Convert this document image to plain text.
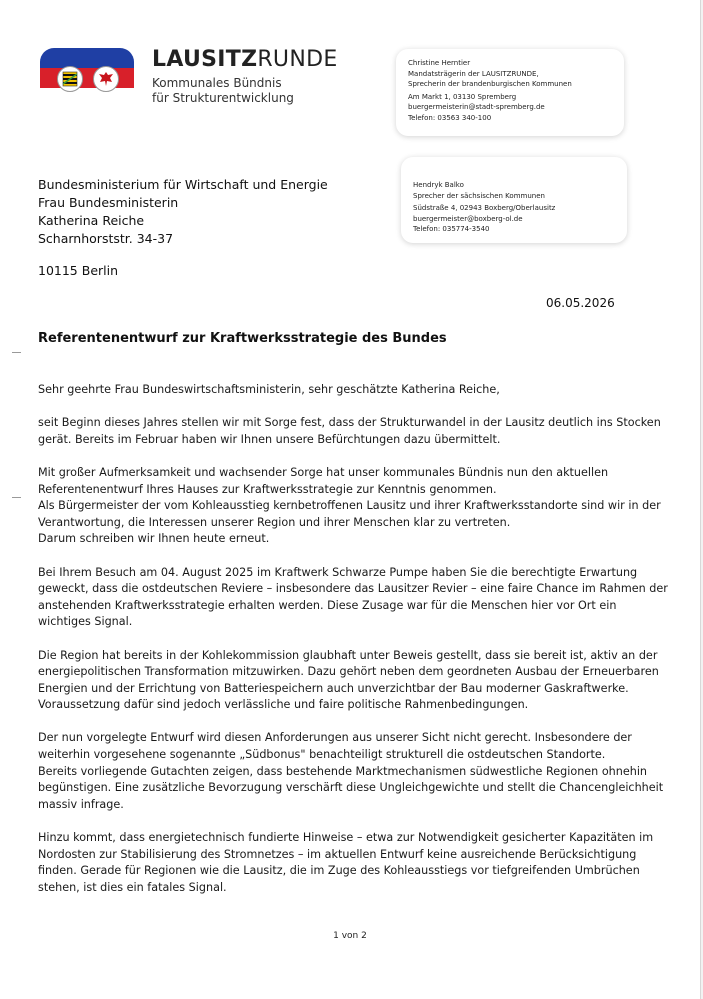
LAUSITZRUNDE
Kommunales Bündnis
für Strukturentwicklung

Christine Herntier

Mandatsträgerin der LAUSITZRUNDE,

Sprecherin der brandenburgischen Kommunen

Am Markt 1, 03130 Spremberg

buergermeisterin@stadt-spremberg.de

Telefon: 03563 340-100

Hendryk Balko

Sprecher der sächsischen Kommunen

Südstraße 4, 02943 Boxberg/Oberlausitz

buergermeister@boxberg-ol.de

Telefon: 035774-3540

Bundesministerium für Wirtschaft und Energie

Frau Bundesministerin

Katherina Reiche

Scharnhorststr. 34-37

10115 Berlin
06.05.2026
Referentenentwurf zur Kraftwerksstrategie des Bundes

Sehr geehrte Frau Bundeswirtschaftsministerin, sehr geschätzte Katherina Reiche,

seit Beginn dieses Jahres stellen wir mit Sorge fest, dass der Strukturwandel in der Lausitz deutlich ins Stocken gerät. Bereits im Februar haben wir Ihnen unsere Befürchtungen dazu übermittelt.

Mit großer Aufmerksamkeit und wachsender Sorge hat unser kommunales Bündnis nun den aktuellen Referentenentwurf Ihres Hauses zur Kraftwerksstrategie zur Kenntnis genommen.

Als Bürgermeister der vom Kohleausstieg kernbetroffenen Lausitz und ihrer Kraftwerksstandorte sind wir in der Verantwortung, die Interessen unserer Region und ihrer Menschen klar zu vertreten.

Darum schreiben wir Ihnen heute erneut.

Bei Ihrem Besuch am 04. August 2025 im Kraftwerk Schwarze Pumpe haben Sie die berechtigte Erwartung geweckt, dass die ostdeutschen Reviere – insbesondere das Lausitzer Revier – eine faire Chance im Rahmen der anstehenden Kraftwerksstrategie erhalten werden. Diese Zusage war für die Menschen hier vor Ort ein wichtiges Signal.

Die Region hat bereits in der Kohlekommission glaubhaft unter Beweis gestellt, dass sie bereit ist, aktiv an der energiepolitischen Transformation mitzuwirken. Dazu gehört neben dem geordneten Ausbau der Erneuerbaren Energien und der Errichtung von Batteriespeichern auch unverzichtbar der Bau moderner Gaskraftwerke. Voraussetzung dafür sind jedoch verlässliche und faire politische Rahmenbedingungen.

Der nun vorgelegte Entwurf wird diesen Anforderungen aus unserer Sicht nicht gerecht. Insbesondere der weiterhin vorgesehene sogenannte „Südbonus" benachteiligt strukturell die ostdeutschen Standorte.

Bereits vorliegende Gutachten zeigen, dass bestehende Marktmechanismen südwestliche Regionen ohnehin begünstigen. Eine zusätzliche Bevorzugung verschärft diese Ungleichgewichte und stellt die Chancengleichheit massiv infrage.

Hinzu kommt, dass energietechnisch fundierte Hinweise – etwa zur Notwendigkeit gesicherter Kapazitäten im Nordosten zur Stabilisierung des Stromnetzes – im aktuellen Entwurf keine ausreichende Berücksichtigung finden. Gerade für Regionen wie die Lausitz, die im Zuge des Kohleausstiegs vor tiefgreifenden Umbrüchen stehen, ist dies ein fatales Signal.

1 von 2
